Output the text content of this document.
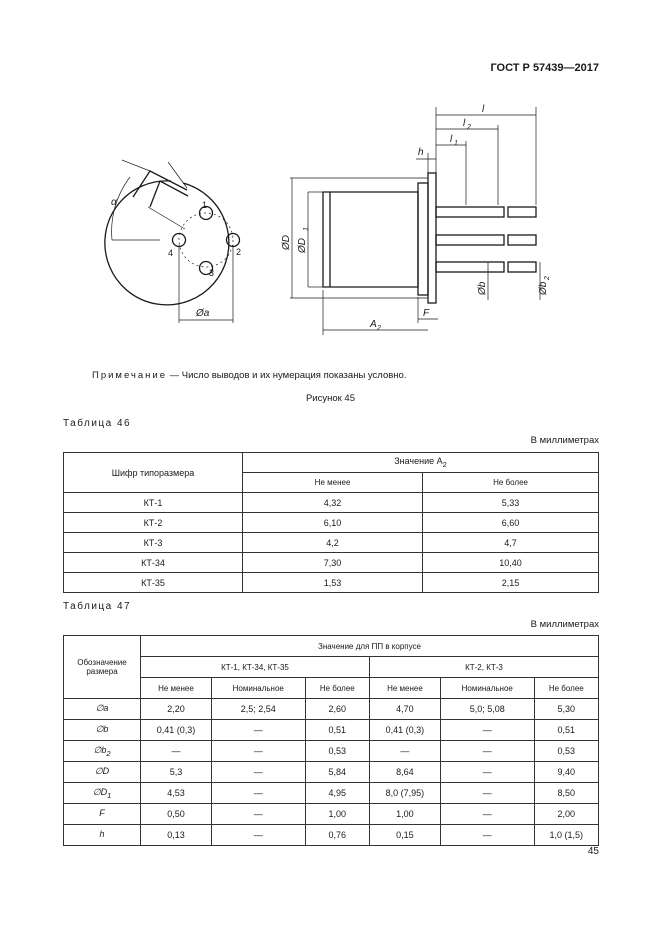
ГОСТ Р 57439—2017
l
l 2
l 1
h
α
A 2
F
Øa
1
2
3
4
ØD ØD
1
Øb	Øb
2
Примечание — Число выводов и их нумерация показаны условно.
Рисунок 45
Таблица 46
В миллиметрах
Шифр типоразмера	Значение $A_2$
	Не менее	Не более
КТ-1	4,32	5,33
КТ-2	6,10	6,60
КТ-3	4,2	4,7
КТ-34	7,30	10,40
КТ-35	1,53	2,15
Таблица 47
В миллиметрах
Обозначение размера	Значение для ПП в корпусе					
	КТ-1, КТ-34, КТ-35			КТ-2, КТ-3		
	Не менее	Номинальное	Не более	Не менее	Номинальное	Не более
∅a	2,20	2,5; 2,54	2,60	4,70	5,0; 5,08	5,30
∅b	0,41 (0,3)	—	0,51	0,41 (0,3)	—	0,51
$\emptyset b_2$	—	—	0,53	—	—	0,53
∅D	5,3	—	5,84	8,64	—	9,40
$\emptyset D_1$	4,53	—	4,95	8,0 (7,95)	—	8,50
F	0,50	—	1,00	1,00	—	2,00
h	0,13	—	0,76	0,15	—	1,0 (1,5)
45
